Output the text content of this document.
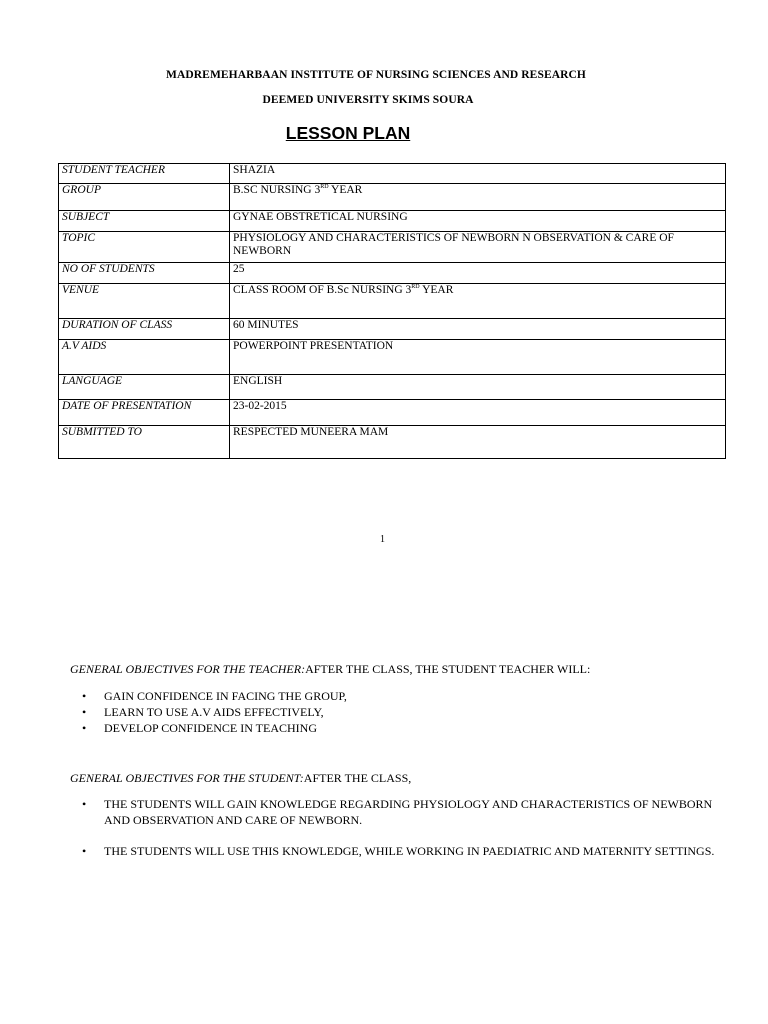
MADREMEHARBAAN INSTITUTE OF NURSING SCIENCES AND RESEARCH
DEEMED UNIVERSITY SKIMS SOURA
LESSON PLAN
STUDENT TEACHER	SHAZIA
GROUP	B.SC NURSING 3RD YEAR
SUBJECT	GYNAE OBSTRETICAL NURSING
TOPIC	PHYSIOLOGY AND CHARACTERISTICS OF NEWBORN N OBSERVATION & CARE OF NEWBORN
NO OF STUDENTS	25
VENUE	CLASS ROOM OF B.Sc NURSING 3RD YEAR
DURATION OF CLASS	60 MINUTES
A.V AIDS	POWERPOINT PRESENTATION
LANGUAGE	ENGLISH
DATE OF PRESENTATION	23-02-2015
SUBMITTED TO	RESPECTED MUNEERA MAM
1
GENERAL OBJECTIVES FOR THE TEACHER:AFTER THE CLASS, THE STUDENT TEACHER WILL:
•	GAIN CONFIDENCE IN FACING THE GROUP,
•	LEARN TO USE A.V AIDS EFFECTIVELY,
•	DEVELOP CONFIDENCE IN TEACHING
GENERAL OBJECTIVES FOR THE STUDENT:AFTER THE CLASS,
•	THE STUDENTS WILL GAIN KNOWLEDGE REGARDING PHYSIOLOGY AND CHARACTERISTICS OF NEWBORN AND OBSERVATION AND CARE OF NEWBORN.
•	THE STUDENTS WILL USE THIS KNOWLEDGE, WHILE WORKING IN PAEDIATRIC AND MATERNITY SETTINGS.
